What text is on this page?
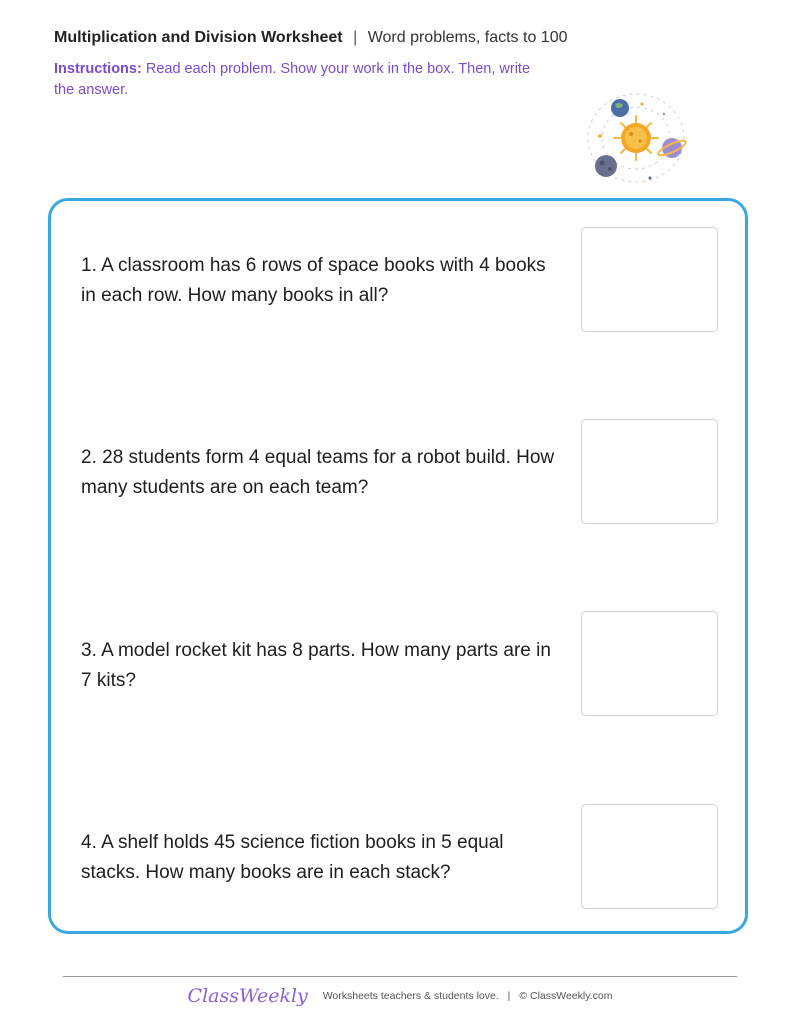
Multiplication and Division Worksheet | Word problems, facts to 100
Instructions: Read each problem. Show your work in the box. Then, write the answer.
1. A classroom has 6 rows of space books with 4 books in each row. How many books in all?
2. 28 students form 4 equal teams for a robot build. How many students are on each team?
3. A model rocket kit has 8 parts. How many parts are in 7 kits?
4. A shelf holds 45 science fiction books in 5 equal stacks. How many books are in each stack?
ClassWeekly Worksheets teachers & students love. | © ClassWeekly.com
